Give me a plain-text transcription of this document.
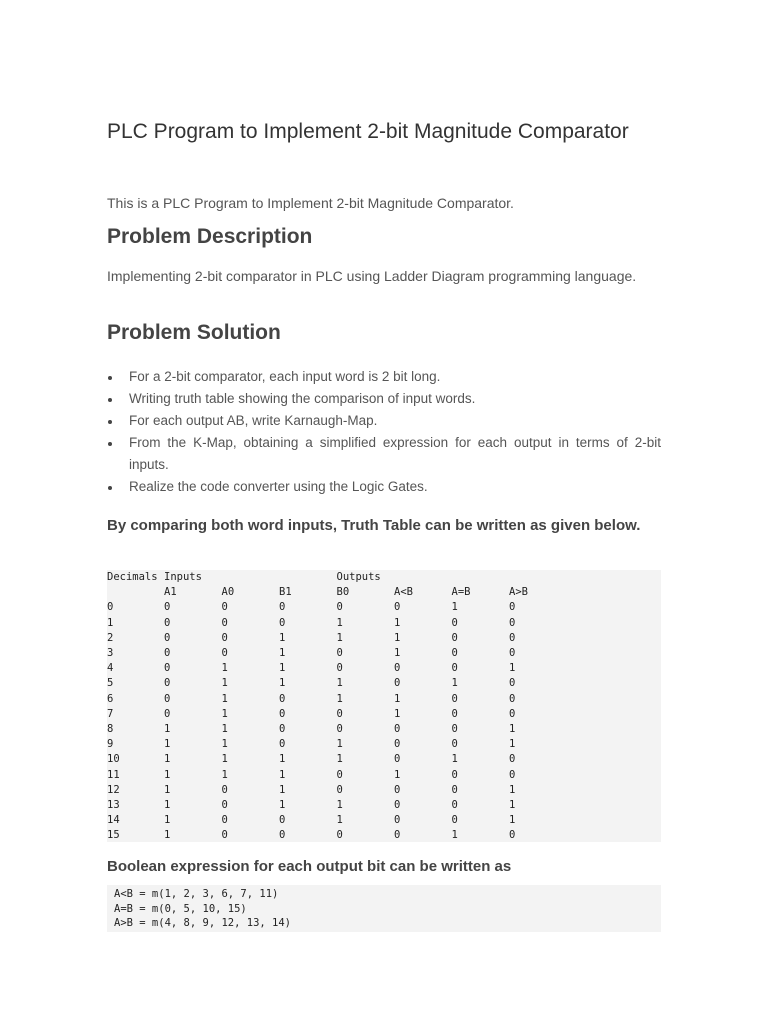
PLC Program to Implement 2-bit Magnitude Comparator

This is a PLC Program to Implement 2-bit Magnitude Comparator.

Problem Description

Implementing 2-bit comparator in PLC using Ladder Diagram programming language.

Problem Solution
For a 2-bit comparator, each input word is 2 bit long.
Writing truth table showing the comparison of input words.
For each output AB, write Karnaugh-Map.
From the K-Map, obtaining a simplified expression for each output in terms of 2-bit inputs.
Realize the code converter using the Logic Gates.
By comparing both word inputs, Truth Table can be written as given below.
Decimals	Inputs			Outputs			
	A1	A0	B1	B0	A<B	A=B	A>B
0	0	0	0	0	0	1	0
1	0	0	0	1	1	0	0
2	0	0	1	1	1	0	0
3	0	0	1	0	1	0	0
4	0	1	1	0	0	0	1
5	0	1	1	1	0	1	0
6	0	1	0	1	1	0	0
7	0	1	0	0	1	0	0
8	1	1	0	0	0	0	1
9	1	1	0	1	0	0	1
10	1	1	1	1	0	1	0
11	1	1	1	0	1	0	0
12	1	0	1	0	0	0	1
13	1	0	1	1	0	0	1
14	1	0	0	1	0	0	1
15	1	0	0	0	0	1	0
Boolean expression for each output bit can be written as
A<B = m(1, 2, 3, 6, 7, 11)
A=B = m(0, 5, 10, 15)
A>B = m(4, 8, 9, 12, 13, 14)
